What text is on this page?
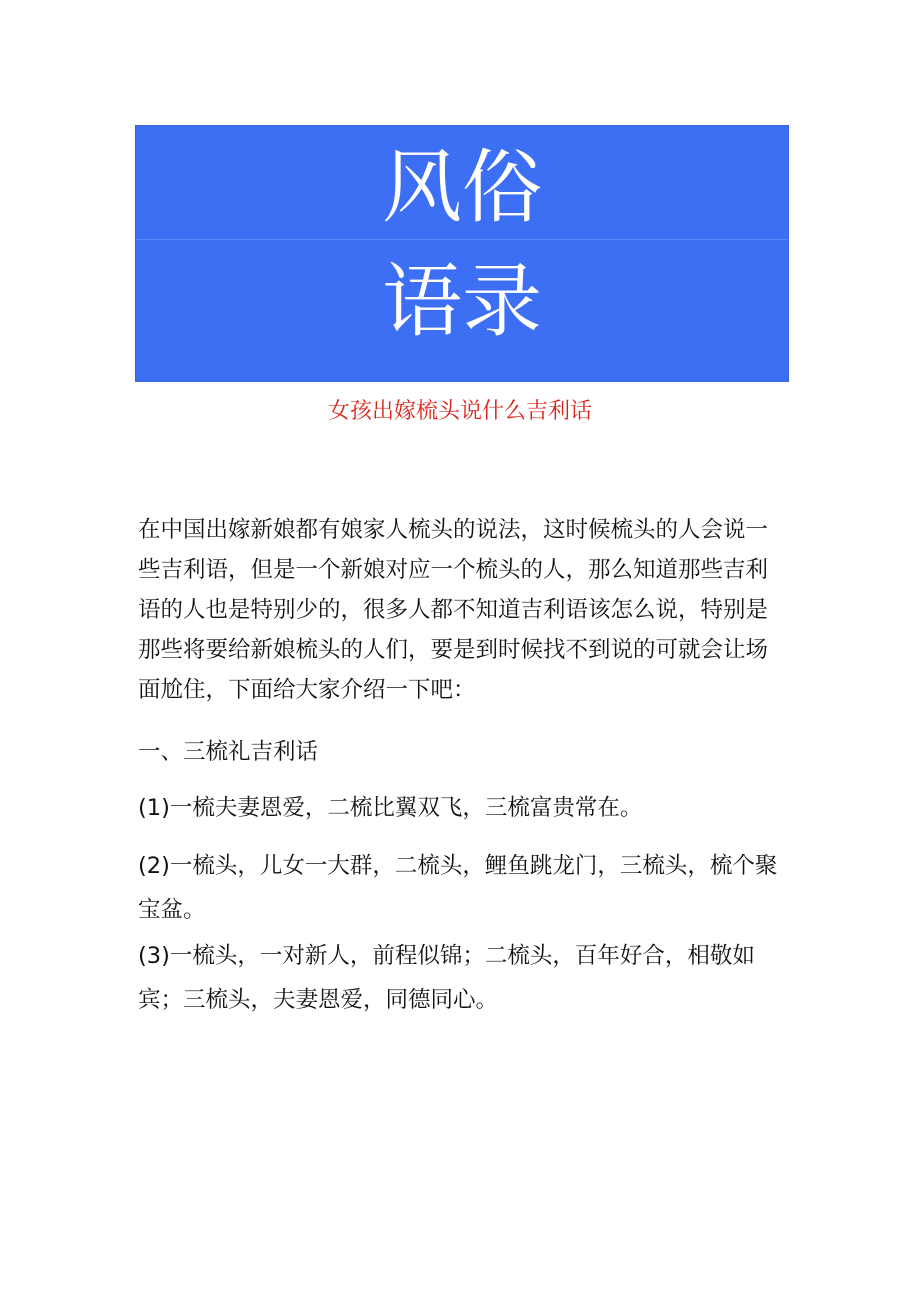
风俗
语录
女孩出嫁梳头说什么吉利话

在中国出嫁新娘都有娘家人梳头的说法，这时候梳头的人会说一些吉利语，但是一个新娘对应一个梳头的人，那么知道那些吉利语的人也是特别少的，很多人都不知道吉利语该怎么说，特别是那些将要给新娘梳头的人们，要是到时候找不到说的可就会让场面尬住，下面给大家介绍一下吧：

一、三梳礼吉利话

(1)一梳夫妻恩爱，二梳比翼双飞，三梳富贵常在。

(2)一梳头，儿女一大群，二梳头，鲤鱼跳龙门，三梳头，梳个聚宝盆。

(3)一梳头，一对新人，前程似锦；二梳头，百年好合，相敬如宾；三梳头，夫妻恩爱，同德同心。
